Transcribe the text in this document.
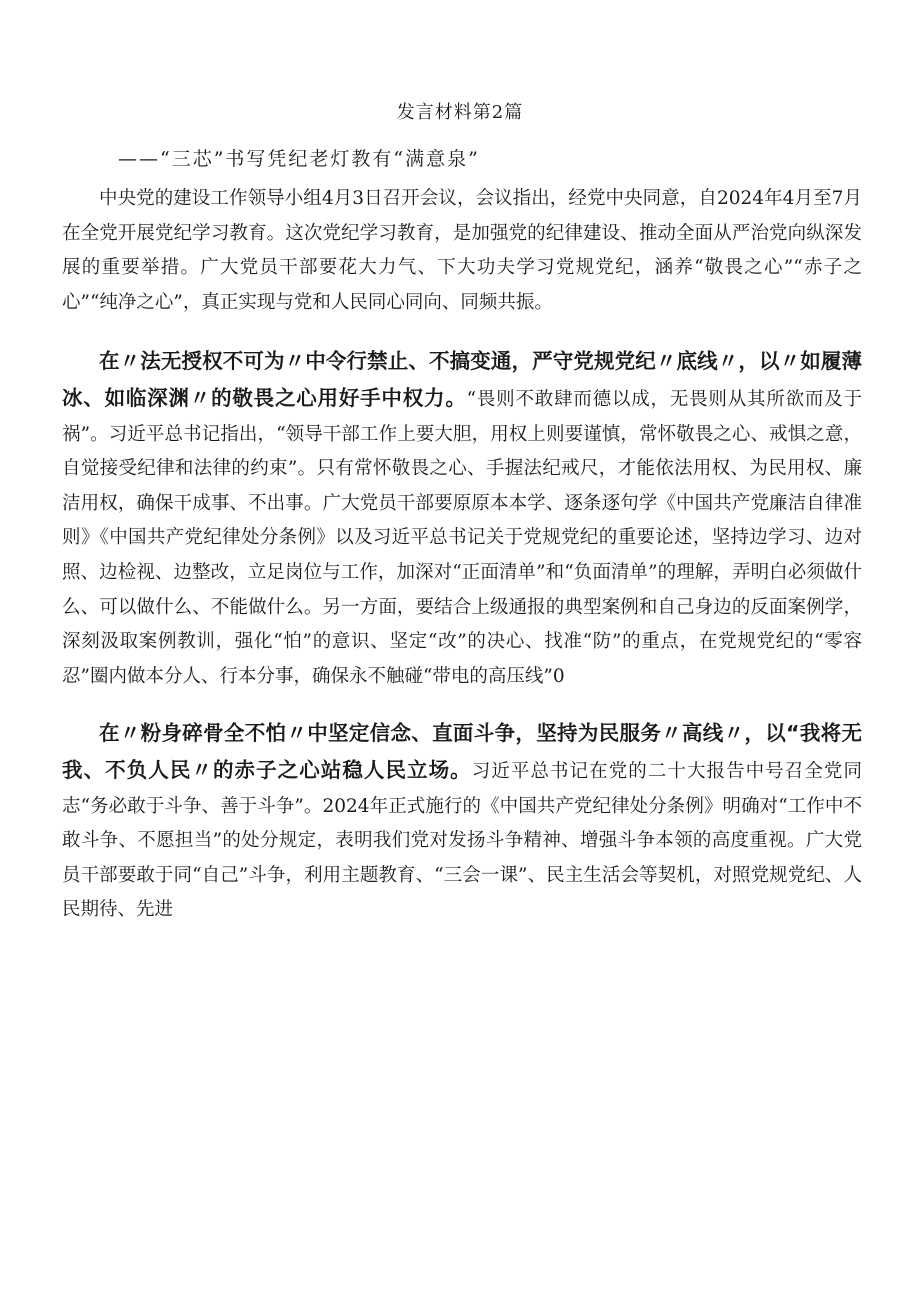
发言材料第2篇
——“三芯”书写凭纪老灯教有“满意泉”

中央党的建设工作领导小组4月3日召开会议，会议指出，经党中央同意，自2024年4月至7月在全党开展党纪学习教育。这次党纪学习教育，是加强党的纪律建设、推动全面从严治党向纵深发展的重要举措。广大党员干部要花大力气、下大功夫学习党规党纪，涵养“敬畏之心”“赤子之心”“纯净之心”，真正实现与党和人民同心同向、同频共振。

在〃法无授权不可为〃中令行禁止、不搞变通，严守党规党纪〃底线〃，以〃如履薄冰、如临深渊〃的敬畏之心用好手中权力。“畏则不敢肆而德以成，无畏则从其所欲而及于祸”。习近平总书记指出，“领导干部工作上要大胆，用权上则要谨慎，常怀敬畏之心、戒惧之意，自觉接受纪律和法律的约束”。只有常怀敬畏之心、手握法纪戒尺，才能依法用权、为民用权、廉洁用权，确保干成事、不出事。广大党员干部要原原本本学、逐条逐句学《中国共产党廉洁自律准则》《中国共产党纪律处分条例》以及习近平总书记关于党规党纪的重要论述，坚持边学习、边对照、边检视、边整改，立足岗位与工作，加深对“正面清单”和“负面清单”的理解，弄明白必须做什么、可以做什么、不能做什么。另一方面，要结合上级通报的典型案例和自己身边的反面案例学，深刻汲取案例教训，强化“怕”的意识、坚定“改”的决心、找准“防”的重点，在党规党纪的“零容忍”圈内做本分人、行本分事，确保永不触碰“带电的高压线”0

在〃粉身碎骨全不怕〃中坚定信念、直面斗争，坚持为民服务〃高线〃，以“我将无我、不负人民〃的赤子之心站稳人民立场。习近平总书记在党的二十大报告中号召全党同志“务必敢于斗争、善于斗争”。2024年正式施行的《中国共产党纪律处分条例》明确对“工作中不敢斗争、不愿担当”的处分规定，表明我们党对发扬斗争精神、增强斗争本领的高度重视。广大党员干部要敢于同“自己”斗争，利用主题教育、“三会一课”、民主生活会等契机，对照党规党纪、人民期待、先进
